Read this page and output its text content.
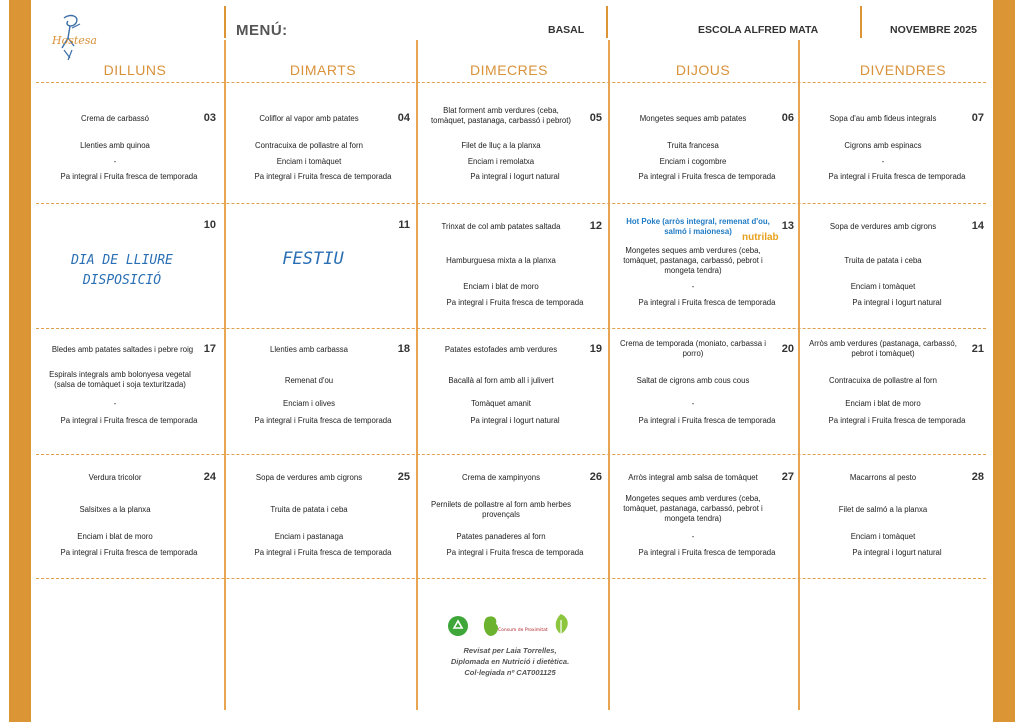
Hostesa
MENÚ:	BASAL	ESCOLA ALFRED MATA	NOVEMBRE 2025
DILLUNS	DIMARTS	DIMECRES	DIJOUS	DIVENDRES
Crema de carbassó	03
Llenties amb quinoa
-
Pa integral i Fruita fresca de temporada
Coliflor al vapor amb patates	04
Contracuixa de pollastre al forn
Enciam i tomàquet
Pa integral i Fruita fresca de temporada
Blat forment amb verdures (ceba, tomàquet, pastanaga, carbassó i pebrot)	05
Filet de lluç a la planxa
Enciam i remolatxa
Pa integral i Iogurt natural
Mongetes seques amb patates	06
Truita francesa
Enciam i cogombre
Pa integral i Fruita fresca de temporada
Sopa d'au amb fideus integrals	07
Cigrons amb espinacs
-
Pa integral i Fruita fresca de temporada
10
DIA DE LLIURE DISPOSICIÓ
11
FESTIU
Trinxat de col amb patates saltada	12
Hamburguesa mixta a la planxa
Enciam i blat de moro
Pa integral i Fruita fresca de temporada
Hot Poke (arròs integral, remenat d'ou, salmó i maionesa)	13
Mongetes seques amb verdures (ceba, tomàquet, pastanaga, carbassó, pebrot i mongeta tendra)
-
Pa integral i Fruita fresca de temporada
nutrilab
Sopa de verdures amb cigrons	14
Truita de patata i ceba
Enciam i tomàquet
Pa integral i Iogurt natural
Bledes amb patates saltades i pebre roig 17
Espirals integrals amb bolonyesa vegetal (salsa de tomàquet i soja texturitzada)
-
Pa integral i Fruita fresca de temporada
Llenties amb carbassa	18
Remenat d'ou
Enciam i olives
Pa integral i Fruita fresca de temporada
Patates estofades amb verdures	19
Bacallà al forn amb all i julivert
Tomàquet amanit
Pa integral i Iogurt natural
Crema de temporada (moniato, carbassa i porro)	20
Saltat de cigrons amb cous cous
-
Pa integral i Fruita fresca de temporada
Arròs amb verdures (pastanaga, carbassó, pebrot i tomàquet)	21
Contracuixa de pollastre al forn
Enciam i blat de moro
Pa integral i Fruita fresca de temporada
Verdura tricolor	24
Salsitxes a la planxa
Enciam i blat de moro
Pa integral i Fruita fresca de temporada
Sopa de verdures amb cigrons	25
Truita de patata i ceba
Enciam i pastanaga
Pa integral i Fruita fresca de temporada
Crema de xampinyons	26
Pernilets de pollastre al forn amb herbes provençals
Patates panaderes al forn
Pa integral i Fruita fresca de temporada
Arròs integral amb salsa de tomàquet	27
Mongetes seques amb verdures (ceba, tomàquet, pastanaga, carbassó, pebrot i mongeta tendra)
-
Pa integral i Fruita fresca de temporada
Macarrons al pesto	28
Filet de salmó a la planxa
Enciam i tomàquet
Pa integral i Iogurt natural
Consum de Proximitat
Revisat per Laia Torrelles,
Diplomada en Nutrició i dietètica.
Col·legiada nº CAT001125
